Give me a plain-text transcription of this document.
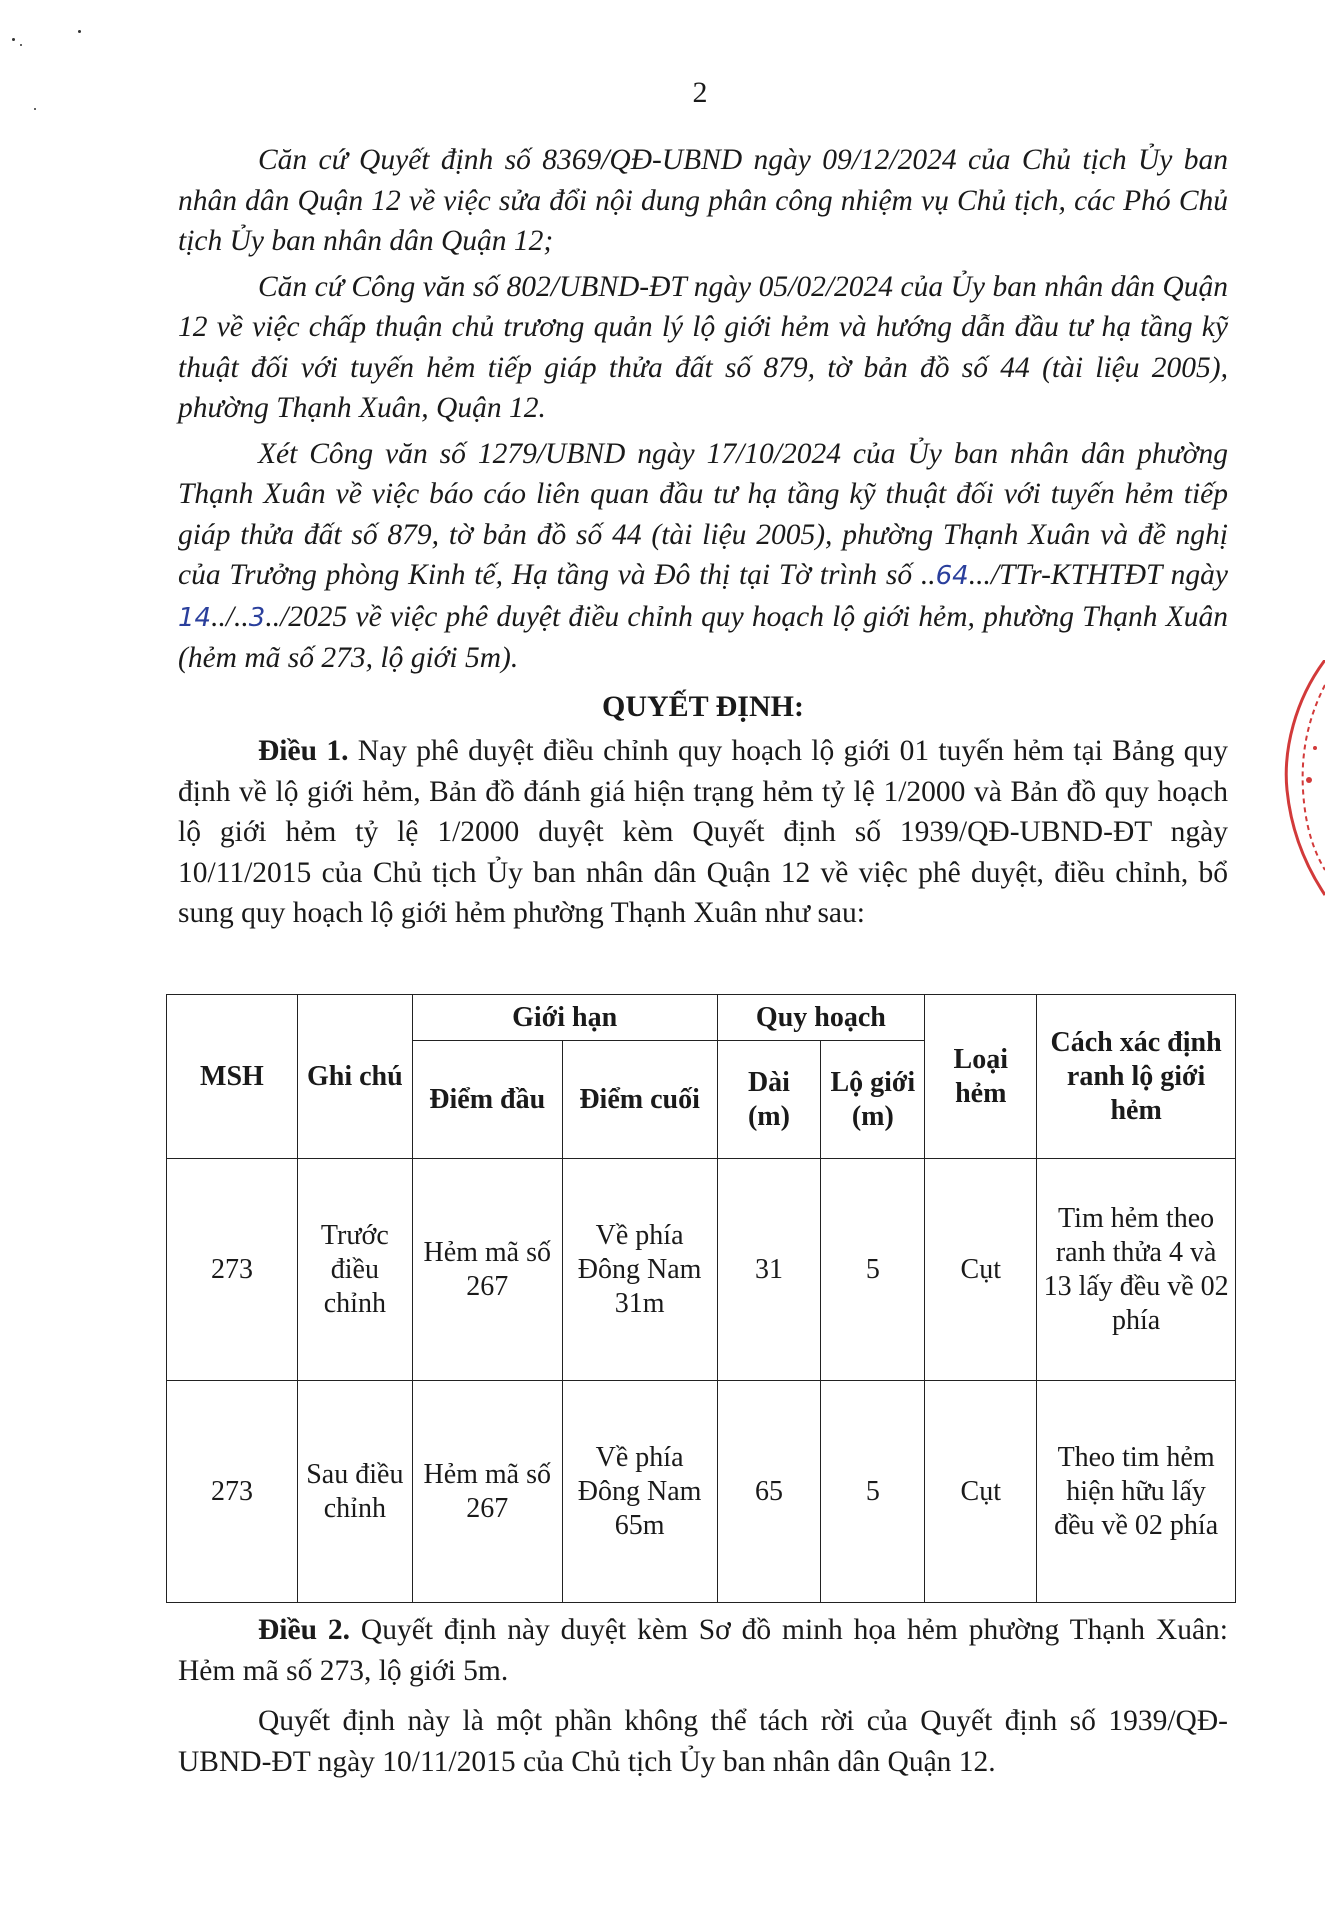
2

Căn cứ Quyết định số 8369/QĐ-UBND ngày 09/12/2024 của Chủ tịch Ủy ban nhân dân Quận 12 về việc sửa đổi nội dung phân công nhiệm vụ Chủ tịch, các Phó Chủ tịch Ủy ban nhân dân Quận 12;

Căn cứ Công văn số 802/UBND-ĐT ngày 05/02/2024 của Ủy ban nhân dân Quận 12 về việc chấp thuận chủ trương quản lý lộ giới hẻm và hướng dẫn đầu tư hạ tầng kỹ thuật đối với tuyến hẻm tiếp giáp thửa đất số 879, tờ bản đồ số 44 (tài liệu 2005), phường Thạnh Xuân, Quận 12.

Xét Công văn số 1279/UBND ngày 17/10/2024 của Ủy ban nhân dân phường Thạnh Xuân về việc báo cáo liên quan đầu tư hạ tầng kỹ thuật đối với tuyến hẻm tiếp giáp thửa đất số 879, tờ bản đồ số 44 (tài liệu 2005), phường Thạnh Xuân và đề nghị của Trưởng phòng Kinh tế, Hạ tầng và Đô thị tại Tờ trình số ..64.../TTr-KTHTĐT ngày 14../..3../2025 về việc phê duyệt điều chỉnh quy hoạch lộ giới hẻm, phường Thạnh Xuân (hẻm mã số 273, lộ giới 5m).

QUYẾT ĐỊNH:

Điều 1. Nay phê duyệt điều chỉnh quy hoạch lộ giới 01 tuyến hẻm tại Bảng quy định về lộ giới hẻm, Bản đồ đánh giá hiện trạng hẻm tỷ lệ 1/2000 và Bản đồ quy hoạch lộ giới hẻm tỷ lệ 1/2000 duyệt kèm Quyết định số 1939/QĐ-UBND-ĐT ngày 10/11/2015 của Chủ tịch Ủy ban nhân dân Quận 12 về việc phê duyệt, điều chỉnh, bổ sung quy hoạch lộ giới hẻm phường Thạnh Xuân như sau:

MSH	Ghi chú	Giới hạn		Quy hoạch		Loại hẻm	Cách xác định ranh lộ giới hẻm
		Điểm đầu	Điểm cuối	Dài (m)	Lộ giới (m)		
273	Trước điều chỉnh	Hẻm mã số 267	Về phía Đông Nam 31m	31	5	Cụt	Tim hẻm theo ranh thửa 4 và 13 lấy đều về 02 phía
273	Sau điều chỉnh	Hẻm mã số 267	Về phía Đông Nam 65m	65	5	Cụt	Theo tim hẻm hiện hữu lấy đều về 02 phía

Điều 2. Quyết định này duyệt kèm Sơ đồ minh họa hẻm phường Thạnh Xuân: Hẻm mã số 273, lộ giới 5m.

Quyết định này là một phần không thể tách rời của Quyết định số 1939/QĐ-UBND-ĐT ngày 10/11/2015 của Chủ tịch Ủy ban nhân dân Quận 12.
